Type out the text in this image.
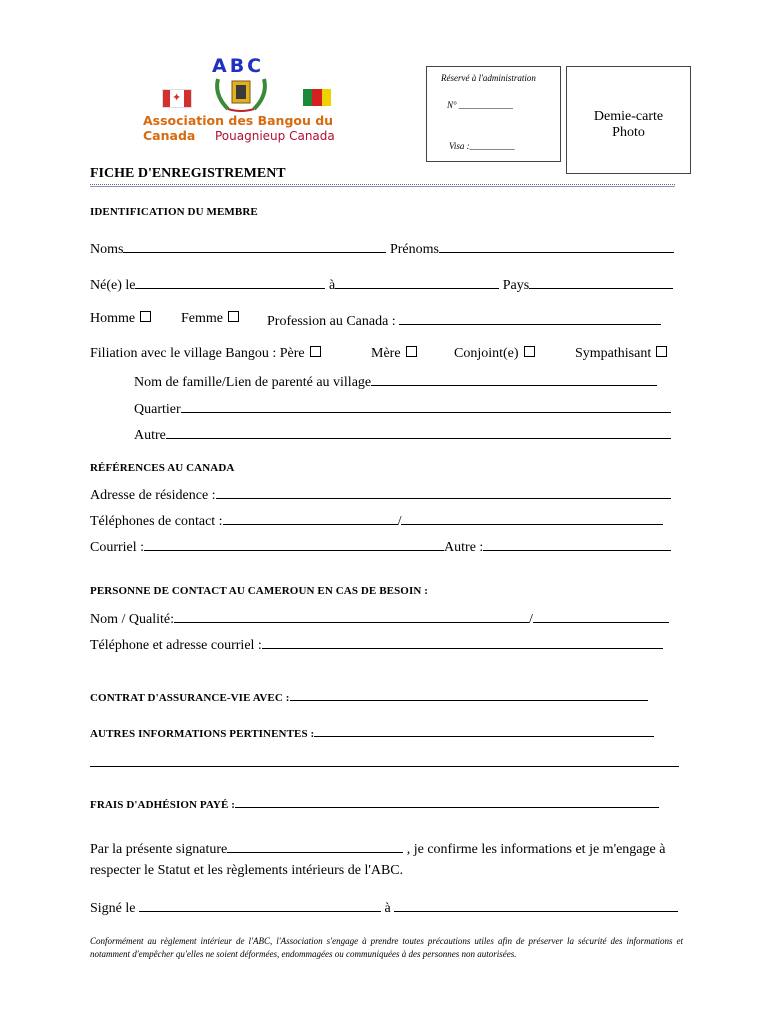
✦
ABC
Association des Bangou du Canada	Pouagnieup Canada
Réservé à l'administration
N° ____________
Visa :__________
Demie-carte
Photo
FICHE D'ENREGISTREMENT
IDENTIFICATION DU MEMBRE
Noms	Prénoms
Né(e) le	à	Pays
Homme	Femme	Profession au Canada :
Filiation avec le village Bangou : Père	Mère	Conjoint(e)	Sympathisant
Nom de famille/Lien de parenté au village
Quartier
Autre
RÉFÉRENCES AU CANADA
Adresse de résidence :
Téléphones de contact :	/
Courriel :	Autre :
PERSONNE DE CONTACT AU CAMEROUN EN CAS DE BESOIN :
Nom / Qualité:	/
Téléphone et adresse courriel :
CONTRAT D'ASSURANCE-VIE AVEC :
AUTRES INFORMATIONS PERTINENTES :
FRAIS D'ADHÉSION PAYÉ :
Par la présente signature	, je confirme les informations et je m'engage à
respecter le Statut et les règlements intérieurs de l'ABC.
Signé le	à
Conformément au règlement intérieur de l'ABC, l'Association s'engage à prendre toutes précautions utiles afin de préserver la sécurité des informations et notamment d'empêcher qu'elles ne soient déformées, endommagées ou communiquées à des personnes non autorisées.
